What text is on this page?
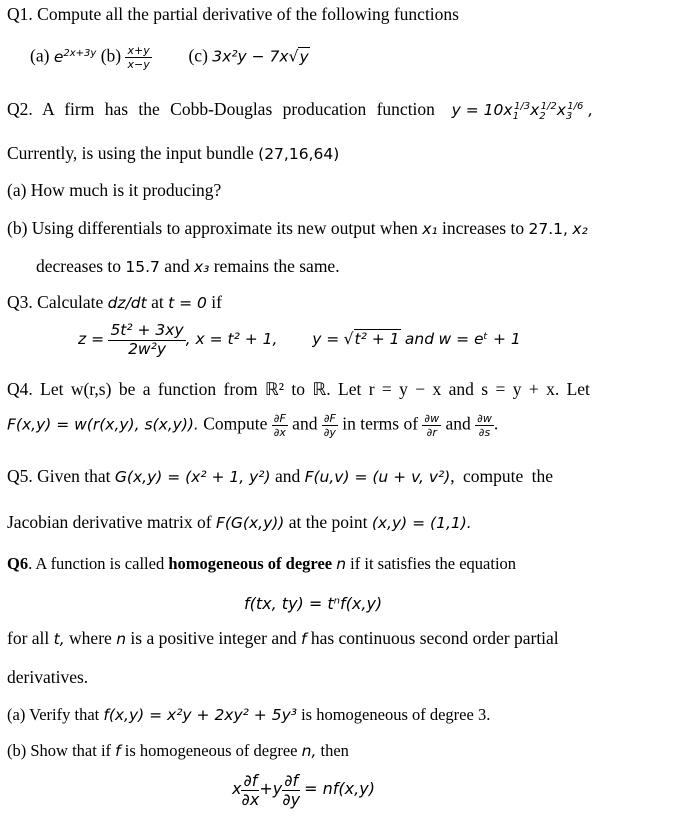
Q1. Compute all the partial derivative of the following functions
(a) $e^{2x+3y}$ $(b) \frac{x+y}{x-y} (c) 3x^2y - 7x√y$
Q2. A firm has the Cobb-Douglas producation function $y = 10x_1^{1/3}x_2^{1/2}x_3^{1/6}$ ,
Currently, is using the input bundle (27,16,64)
(a) How much is it producing?
(b) Using differentials to approximate its new output when x₁ increases to 27.1, x₂
decreases to 15.7 and x₃ remains the same.
Q3. Calculate dz/dt at t = 0 if
$z = \frac{\text{5t² + 3xy}}{\text{2w²y}}$ , x = t² + 1, y = √t² + 1 and w = eᵗ + 1
Q4. Let w(r,s) be a function from ℝ² to ℝ. Let r = y − x and s = y + x. Let
F(x,y) = w(r(x,y), s(x,y)). Compute $\frac{\partial F}{\partial x}$ and $\frac{\partial F}{\partial y}$ in terms of $\frac{\partial w}{\partial r}$ and $\frac{\partial w}{\partial s}$ .
Q5. Given that G(x,y) = (x² + 1, y²) and F(u,v) = (u + v, v²), compute the
Jacobian derivative matrix of F(G(x,y)) at the point (x,y) = (1,1).
Q6. A function is called homogeneous of degree n if it satisfies the equation
f(tx, ty) = tⁿf(x,y)
for all t, where n is a positive integer and f has continuous second order partial
derivatives.
(a) Verify that f(x,y) = x²y + 2xy² + 5y³ is homogeneous of degree 3.
(b) Show that if f is homogeneous of degree n, then
x $\frac{\partial f}{\partial x} +y \frac{\partial f}{\partial y} = nf(x,y)$
